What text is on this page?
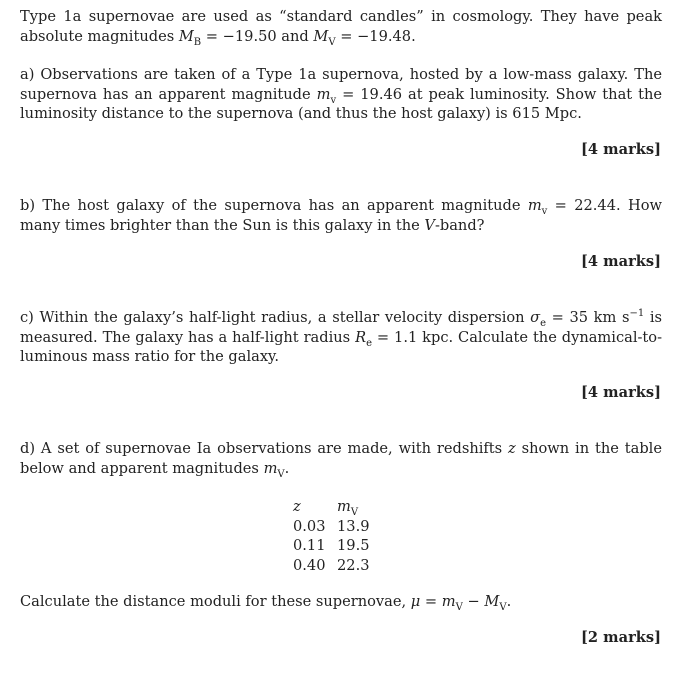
Type 1a supernovae are used as “standard candles” in cosmology. They have peak absolute magnitudes $M_B = -19.50$ and $M_V = -19.48$.
a) Observations are taken of a Type 1a supernova, hosted by a low-mass galaxy. The supernova has an apparent magnitude $m_v = 19.46$ at peak luminosity. Show that the luminosity distance to the supernova (and thus the host galaxy) is 615 Mpc.
[4 marks]
b) The host galaxy of the supernova has an apparent magnitude $m_v = 22.44$. How many times brighter than the Sun is this galaxy in the V-band?
[4 marks]
c) Within the galaxy’s half-light radius, a stellar velocity dispersion $\sigma_e = 35$ km $s^{-1}$ is measured. The galaxy has a half-light radius $R_e = 1.1$ kpc. Calculate the dynamical-to-luminous mass ratio for the galaxy.
[4 marks]
d) A set of supernovae Ia observations are made, with redshifts z shown in the table below and apparent magnitudes $m_V$.
z	$m_V$
0.03	13.9
0.11	19.5
0.40	22.3
Calculate the distance moduli for these supernovae, $\mu = m_V - M_V$.
[2 marks]
